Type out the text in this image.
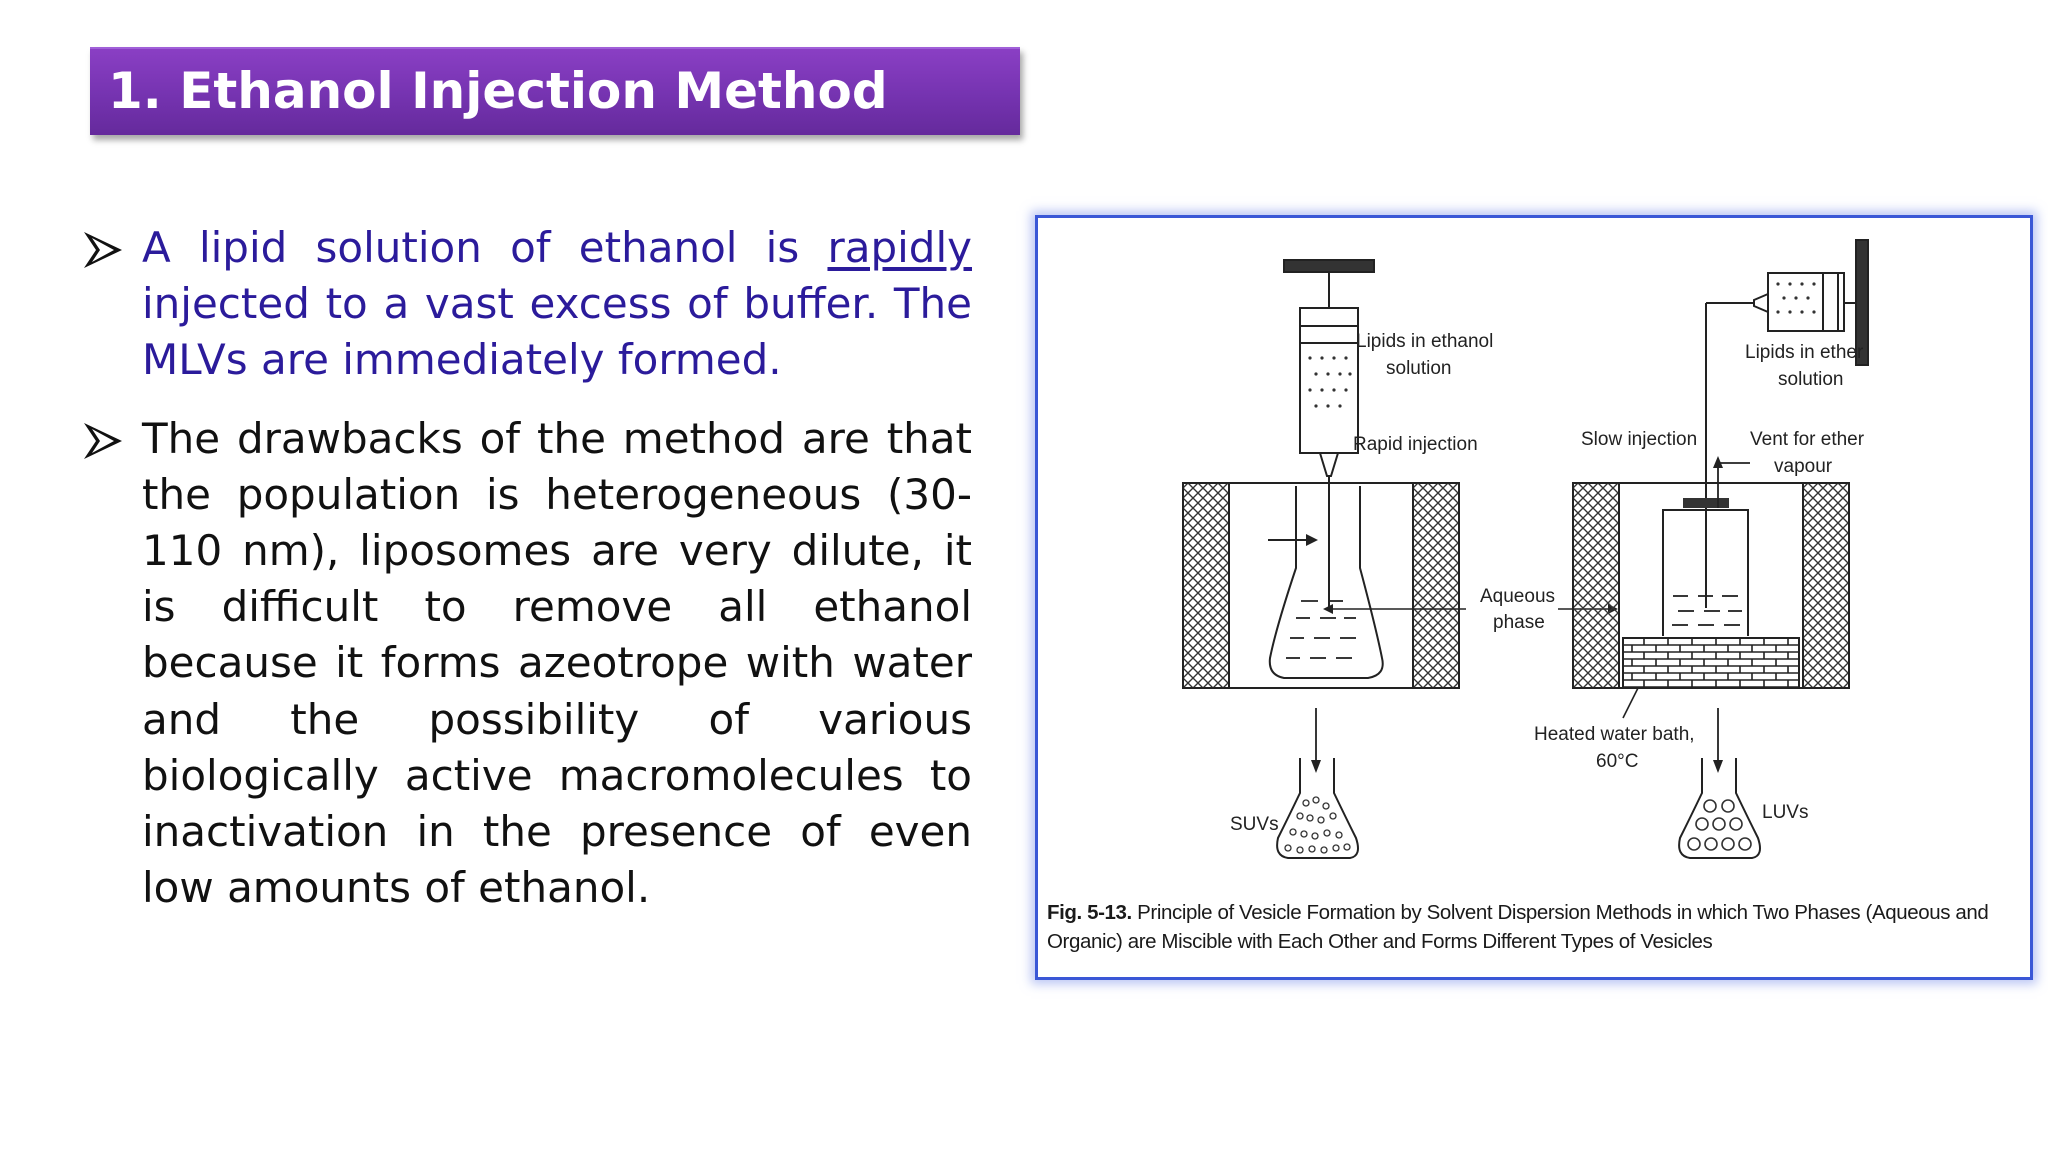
1. Ethanol Injection Method

A lipid solution of ethanol is rapidly injected to a vast excess of buffer. The MLVs are immediately formed.

The drawbacks of the method are that the population is heterogeneous (30-110 nm), liposomes are very dilute, it is difficult to remove all ethanol because it forms azeotrope with water and the possibility of various biologically active macromolecules to inactivation in the presence of even low amounts of ethanol.

Lipids in ethanol
solution
Rapid injection
Aqueous
phase
SUVs
Lipids in ether
solution
Slow injection	Vent for ether
vapour
Heated water bath,
60°C
LUVs
Fig. 5-13. Principle of Vesicle Formation by Solvent Dispersion Methods in which Two Phases (Aqueous and Organic) are Miscible with Each Other and Forms Different Types of Vesicles
